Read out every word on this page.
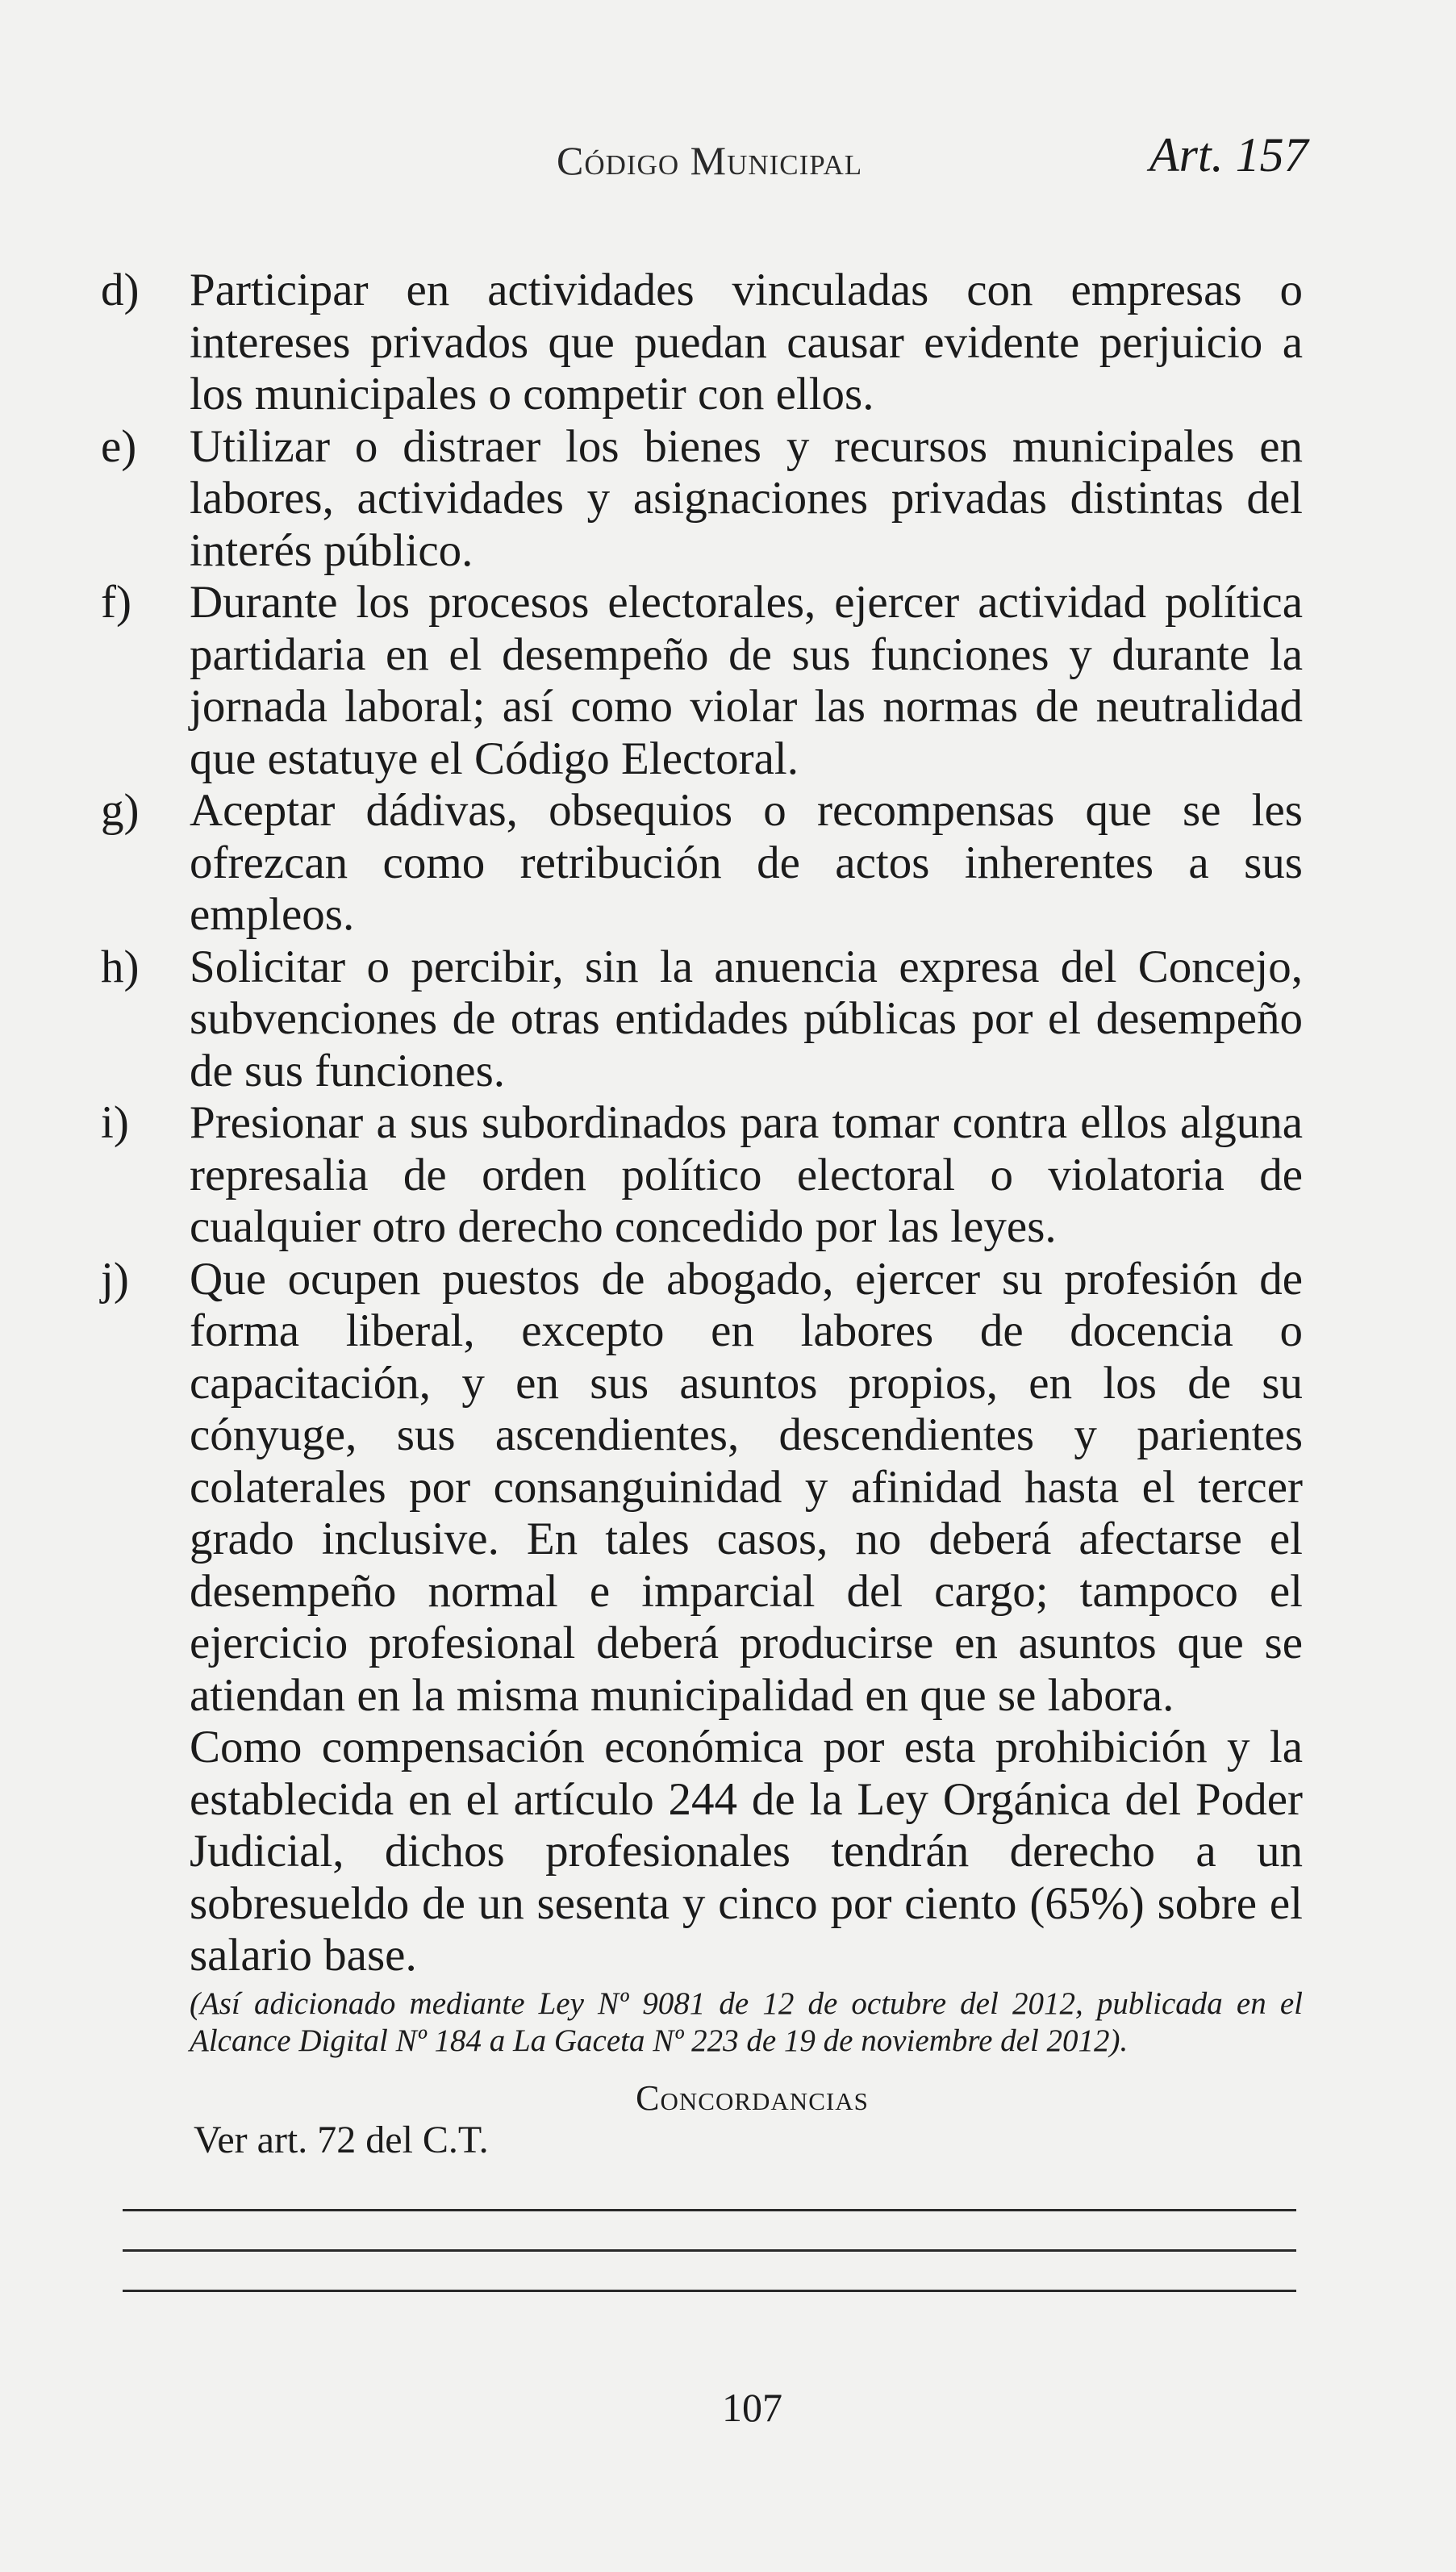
Código Municipal	Art. 157
d)	Participar en actividades vinculadas con empresas o intereses privados que puedan causar evidente perjuicio a los municipales o competir con ellos.
e)	Utilizar o distraer los bienes y recursos municipales en labores, actividades y asignaciones privadas distintas del interés público.
f)	Durante los procesos electorales, ejercer actividad política partidaria en el desempeño de sus funciones y durante la jornada laboral; así como violar las normas de neutralidad que estatuye el Código Electoral.
g)	Aceptar dádivas, obsequios o recompensas que se les ofrezcan como retribución de actos inherentes a sus empleos.
h)	Solicitar o percibir, sin la anuencia expresa del Concejo, subvenciones de otras entidades públicas por el desempeño de sus funciones.
i)	Presionar a sus subordinados para tomar contra ellos alguna represalia de orden político electoral o violatoria de cualquier otro derecho concedido por las leyes.
j)	Que ocupen puestos de abogado, ejercer su profesión de forma liberal, excepto en labores de docencia o capacitación, y en sus asuntos propios, en los de su cónyuge, sus ascendientes, descendientes y parientes colaterales por consanguinidad y afinidad hasta el tercer grado inclusive. En tales casos, no deberá afectarse el desempeño normal e imparcial del cargo; tampoco el ejercicio profesional deberá producirse en asuntos que se atiendan en la misma municipalidad en que se labora.

Como compensación económica por esta prohibición y la establecida en el artículo 244 de la Ley Orgánica del Poder Judicial, dichos profesionales tendrán derecho a un sobresueldo de un sesenta y cinco por ciento (65%) sobre el salario base.

(Así adicionado mediante Ley Nº 9081 de 12 de octubre del 2012, publicada en el Alcance Digital Nº 184 a La Gaceta Nº 223 de 19 de noviembre del 2012).
Concordancias
Ver art. 72 del C.T.
107
